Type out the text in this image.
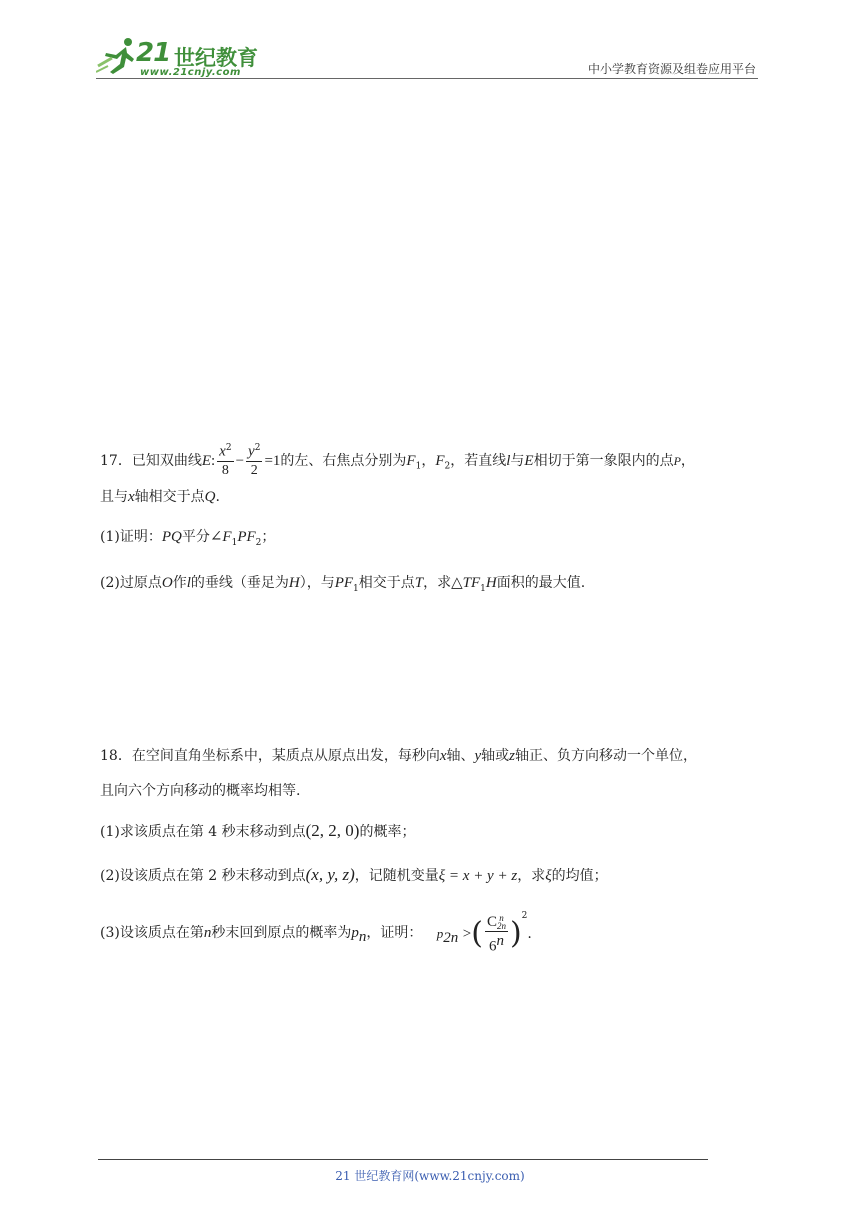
21 世纪教育
www.21cnjy.com	中小学教育资源及组卷应用平台
17．已知双曲线E: $\frac{x^2}{8} - \frac{y^2}{2} =1$的左、右焦点分别为$F_1$，$F_2$，若直线l与E相切于第一象限内的点P，
且与x轴相交于点Q.
(1)证明：PQ平分$\angle F_1PF_2$；
(2)过原点O作l的垂线（垂足为H），与$PF_1$相交于点T，求$\triangle TF_1H$面积的最大值.
18．在空间直角坐标系中，某质点从原点出发，每秒向x轴、y轴或z轴正、负方向移动一个单位，
且向六个方向移动的概率均相等.
(1)求该质点在第 4 秒末移动到点(2, 2, 0)的概率；
(2)设该质点在第 2 秒末移动到点(x, y, z)，记随机变量ξ = x + y + z，求ξ的均值；
(3)设该质点在第n秒末回到原点的概率为$p_n$，证明： $p_{2n}$ >( C n
2n
6$^n$ )$^2$.
21 世纪教育网(www.21cnjy.com)
